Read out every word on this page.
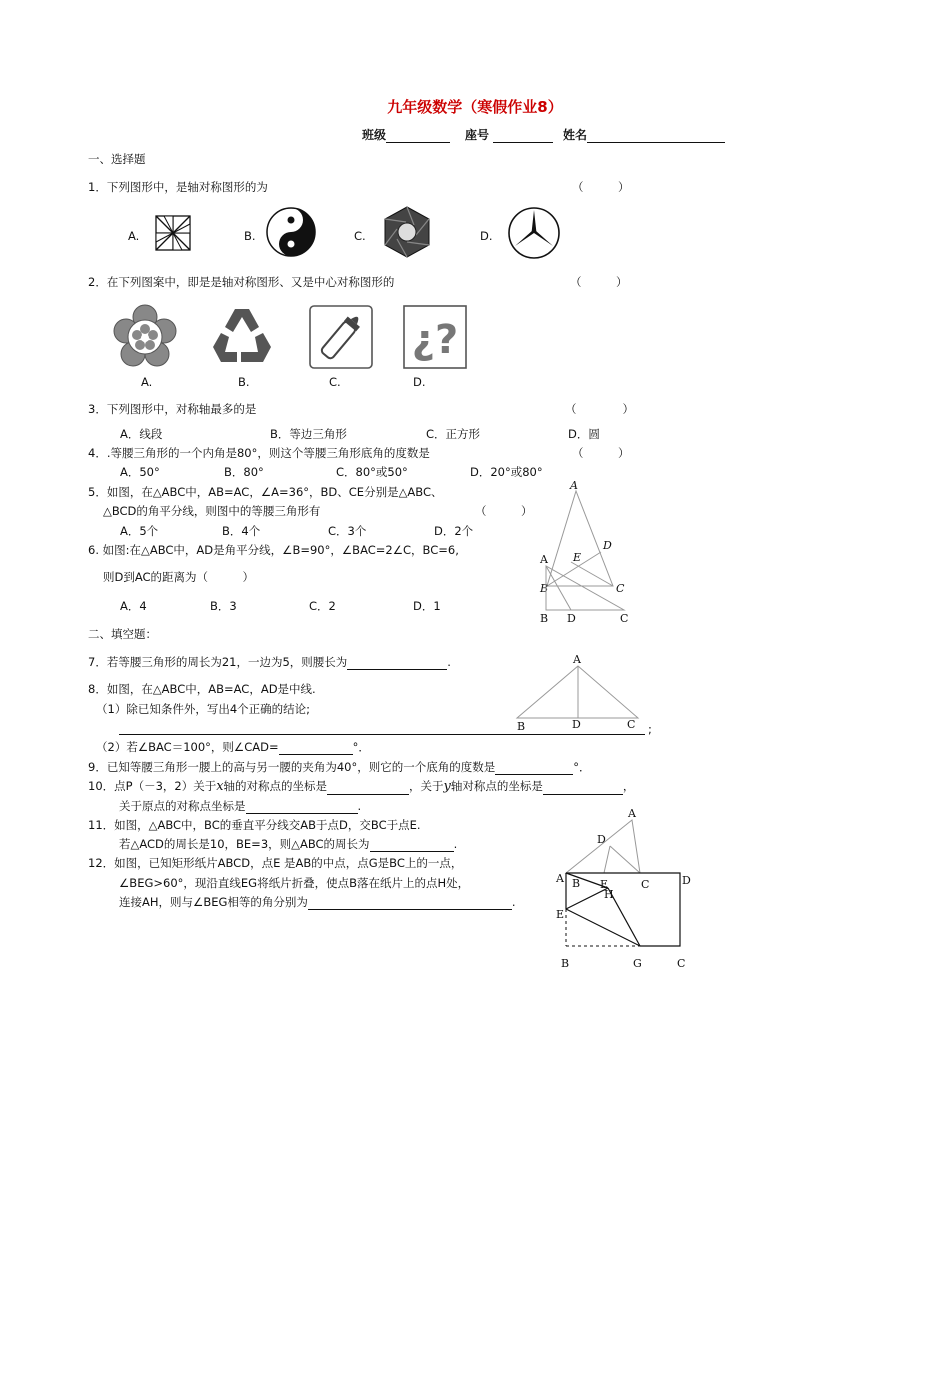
九年级数学（寒假作业8）
班级	座号	姓名
一、选择题
1．下列图形中，是轴对称图形的为	（　　　）
A.	B.	C.	D.
2．在下列图案中，即是是轴对称图形、又是中心对称图形的	（　　　）
¿?
A.	B.	C.	D.
3．下列图形中，对称轴最多的是	（　　　　）
A．线段	B．等边三角形	C．正方形	D．圆
4．.等腰三角形的一个内角是80°，则这个等腰三角形底角的度数是	（　　　）
A．50°	B．80°	C．80°或50°	D．20°或80°
5．如图，在△ABC中，AB=AC，∠A=36°，BD、CE分别是△ABC、
△BCD的角平分线，则图中的等腰三角形有	（　　　）
A．5个	B．4个	C．3个	D．2个
6. 如图:在△ABC中，AD是角平分线，∠B=90°，∠BAC=2∠C，BC=6,
则D到AC的距离为（　　　）
A．4	B．3	C．2	D．1
A
D
E
C
B
A
B D	C
二、填空题：
7．若等腰三角形的周长为21，一边为5，则腰长为	.	A
B	D	C
8．如图，在△ABC中，AB=AC，AD是中线.
（1）除已知条件外，写出4个正确的结论;
;
（2）若∠BAC＝100°，则∠CAD=	°．
9．已知等腰三角形一腰上的高与另一腰的夹角为40°，则它的一个底角的度数是	°．
10．点P（－3，2）关于x轴的对称点的坐标是	，关于y轴对称点的坐标是	，
关于原点的对称点坐标是	.
11．如图，△ABC中，BC的垂直平分线交AB于点D，交BC于点E.
若△ACD的周长是10，BE=3，则△ABC的周长为	.
12．如图，已知矩形纸片ABCD，点E 是AB的中点，点G是BC上的一点，
∠BEG>60°，现沿直线EG将纸片折叠，使点B落在纸片上的点H处，
连接AH，则与∠BEG相等的角分别为	.
A
D
B E	C
A	D
H
E
B	G	C
